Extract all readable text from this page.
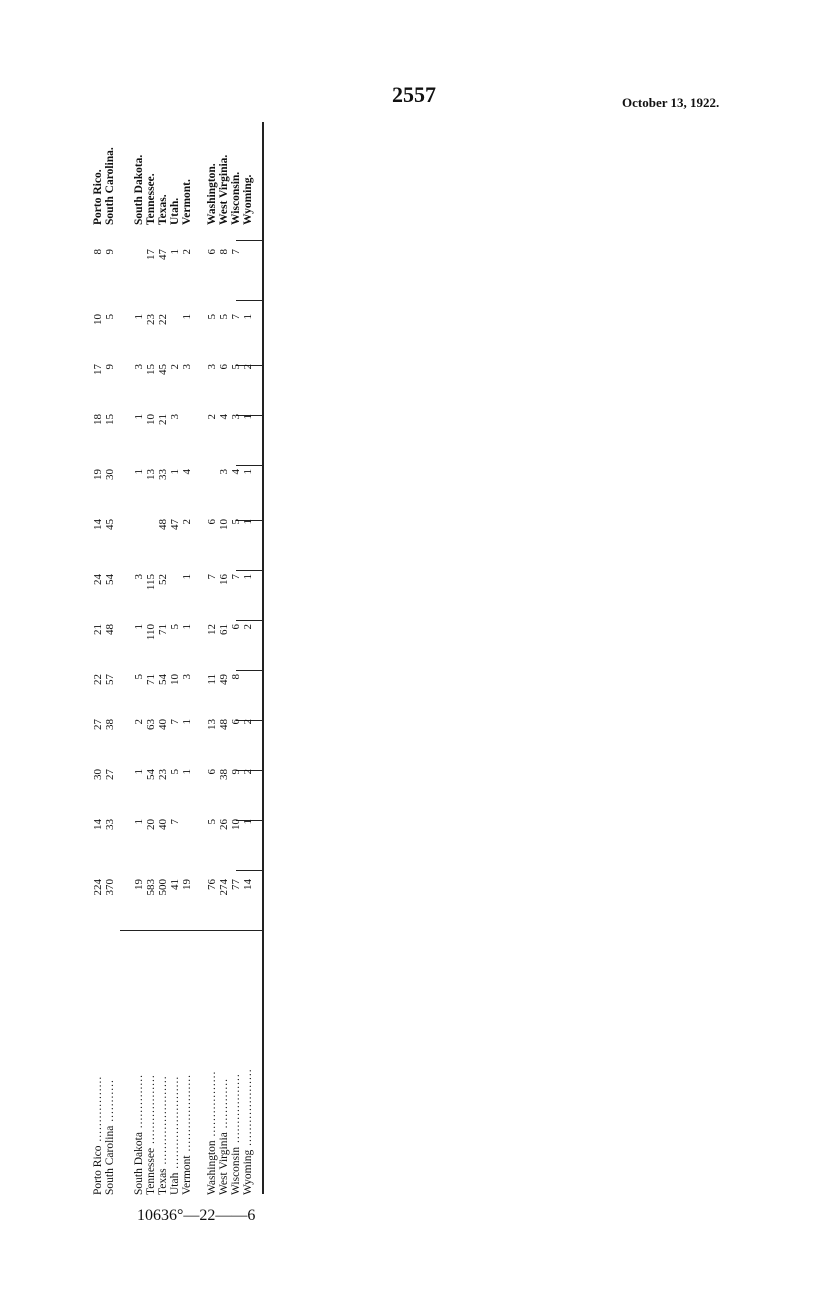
2557	October 13, 1922.
Porto Rico .................
8
10
17
18
19
14
24
21
22
27
30
14
224
Porto Rico.
South Carolina ...........
9
5
9
15
30
45
54
48
57
38
27
33
370
South Carolina.
South Dakota ..............
1
3
1
1
3
1
5
2
1
1
19
South Dakota.
Tennessee ..................
17
23
15
10
13
115
110
71
63
54
20
583
Tennessee.
Texas .......................
47
22
45
21
33
48
52
71
54
40
23
40
500
Texas.
Utah ........................
1
2
3
1
47
5
10
7
5
7
41
Utah.
Vermont ....................
2
1
3
4
2
1
1
3
1
1
19
Vermont.
Washington .................
6
5
3
2
6
7
12
11
13
6
5
76
Washington.
West Virginia .............
8
5
6
4
3
10
16
61
49
48
38
26
274
West Virginia.
Wisconsin ..................
7
7
5
3
4
5
7
6
8
6
9
10
77
Wisconsin.
Wyoming ....................
1
2
1
1
1
1
2
2
2
1
14
Wyoming.
10636°—22——6
